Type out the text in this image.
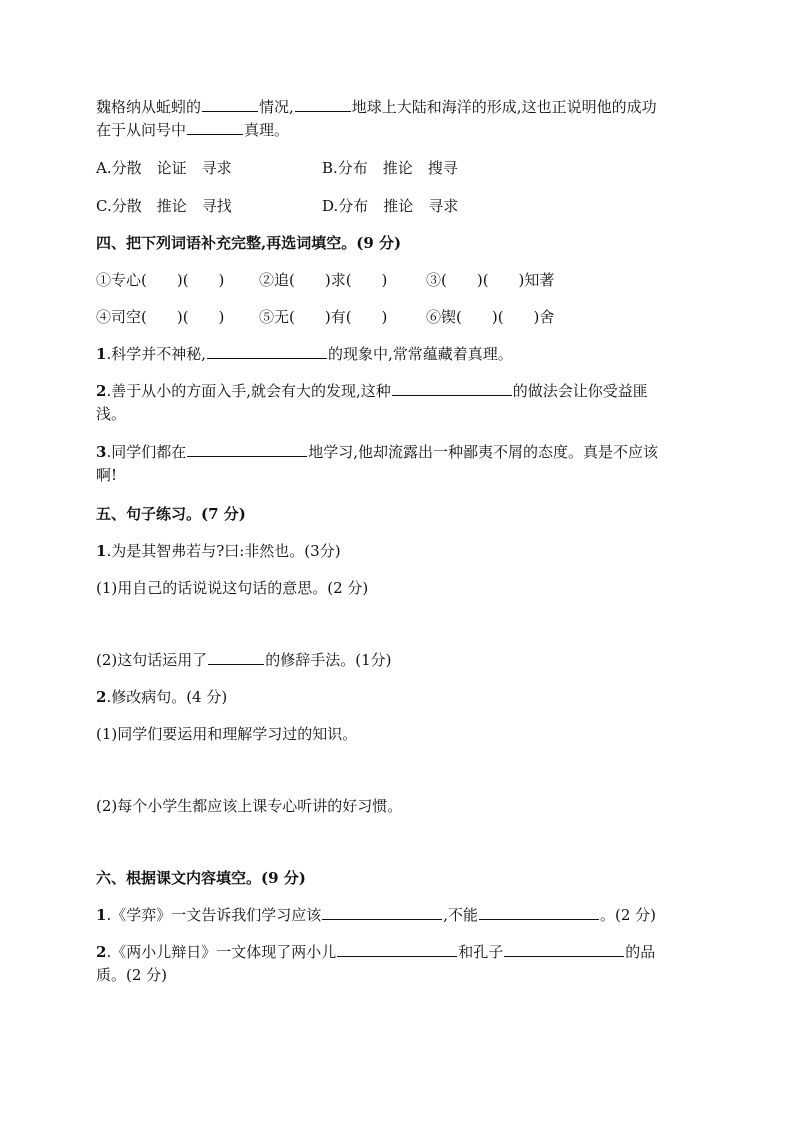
魏格纳从蚯蚓的	情况,	地球上大陆和海洋的形成,这也正说明他的成功
在于从问号中	真理。
A.分散　论证　寻求	B.分布　推论　搜寻
C.分散　推论　寻找	D.分布　推论　寻求
四、把下列词语补充完整,再选词填空。(9 分)
①专心(　　)(　　) ②追(　　)求(　　)	③(　　)(　　)知著
④司空(　　)(　　) ⑤无(　　)有(　　)	⑥锲(　　)(　　)舍
1.科学并不神秘,	的现象中,常常蕴藏着真理。
2.善于从小的方面入手,就会有大的发现,这种	的做法会让你受益匪
浅。
3.同学们都在	地学习,他却流露出一种鄙夷不屑的态度。真是不应该
啊!
五、句子练习。(7 分)
1.为是其智弗若与?曰:非然也。(3分)
(1)用自己的话说说这句话的意思。(2 分)
(2)这句话运用了	的修辞手法。(1分)
2.修改病句。(4 分)
(1)同学们要运用和理解学习过的知识。
(2)每个小学生都应该上课专心听讲的好习惯。
六、根据课文内容填空。(9 分)
1.《学弈》一文告诉我们学习应该	,不能	。(2 分)
2.《两小儿辩日》一文体现了两小儿	和孔子	的品
质。(2 分)
